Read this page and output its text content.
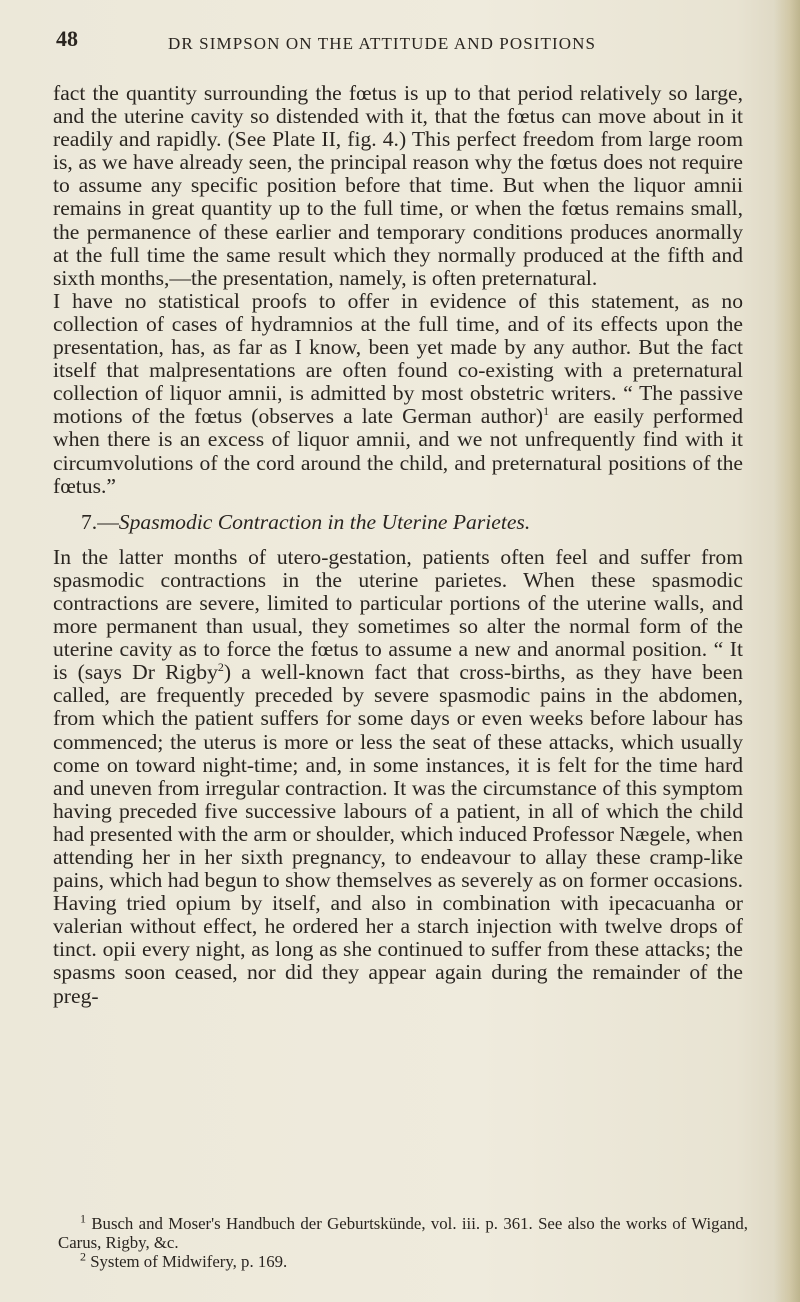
48	DR SIMPSON ON THE ATTITUDE AND POSITIONS

fact the quantity surrounding the fœtus is up to that period relatively so large, and the uterine cavity so distended with it, that the fœtus can move about in it readily and rapidly. (See Plate II, fig. 4.) This perfect freedom from large room is, as we have already seen, the principal reason why the fœtus does not require to assume any specific position before that time. But when the liquor amnii remains in great quantity up to the full time, or when the fœtus remains small, the permanence of these earlier and temporary conditions produces anormally at the full time the same result which they normally produced at the fifth and sixth months,—the presentation, namely, is often preternatural.

I have no statistical proofs to offer in evidence of this statement, as no collection of cases of hydramnios at the full time, and of its effects upon the presentation, has, as far as I know, been yet made by any author. But the fact itself that malpresentations are often found co-existing with a preternatural collection of liquor amnii, is admitted by most obstetric writers. “ The passive motions of the fœtus (observes a late German author)$^1$ are easily performed when there is an excess of liquor amnii, and we not unfrequently find with it circumvolutions of the cord around the child, and preternatural positions of the fœtus.”

7.—Spasmodic Contraction in the Uterine Parietes.

In the latter months of utero-gestation, patients often feel and suffer from spasmodic contractions in the uterine parietes. When these spasmodic contractions are severe, limited to particular portions of the uterine walls, and more permanent than usual, they sometimes so alter the normal form of the uterine cavity as to force the fœtus to assume a new and anormal position. “ It is (says Dr Rigby$^2$) a well-known fact that cross-births, as they have been called, are frequently preceded by severe spasmodic pains in the abdomen, from which the patient suffers for some days or even weeks before labour has commenced; the uterus is more or less the seat of these attacks, which usually come on toward night-time; and, in some instances, it is felt for the time hard and uneven from irregular contraction. It was the circumstance of this symptom having preceded five successive labours of a patient, in all of which the child had presented with the arm or shoulder, which induced Professor Nægele, when attending her in her sixth pregnancy, to endeavour to allay these cramp-like pains, which had begun to show themselves as severely as on former occasions. Having tried opium by itself, and also in combination with ipecacuanha or valerian without effect, he ordered her a starch injection with twelve drops of tinct. opii every night, as long as she continued to suffer from these attacks; the spasms soon ceased, nor did they appear again during the remainder of the preg-

$^1$ Busch and Moser's Handbuch der Geburtskünde, vol. iii. p. 361. See also the works of Wigand, Carus, Rigby, &c.

$^2$ System of Midwifery, p. 169.
